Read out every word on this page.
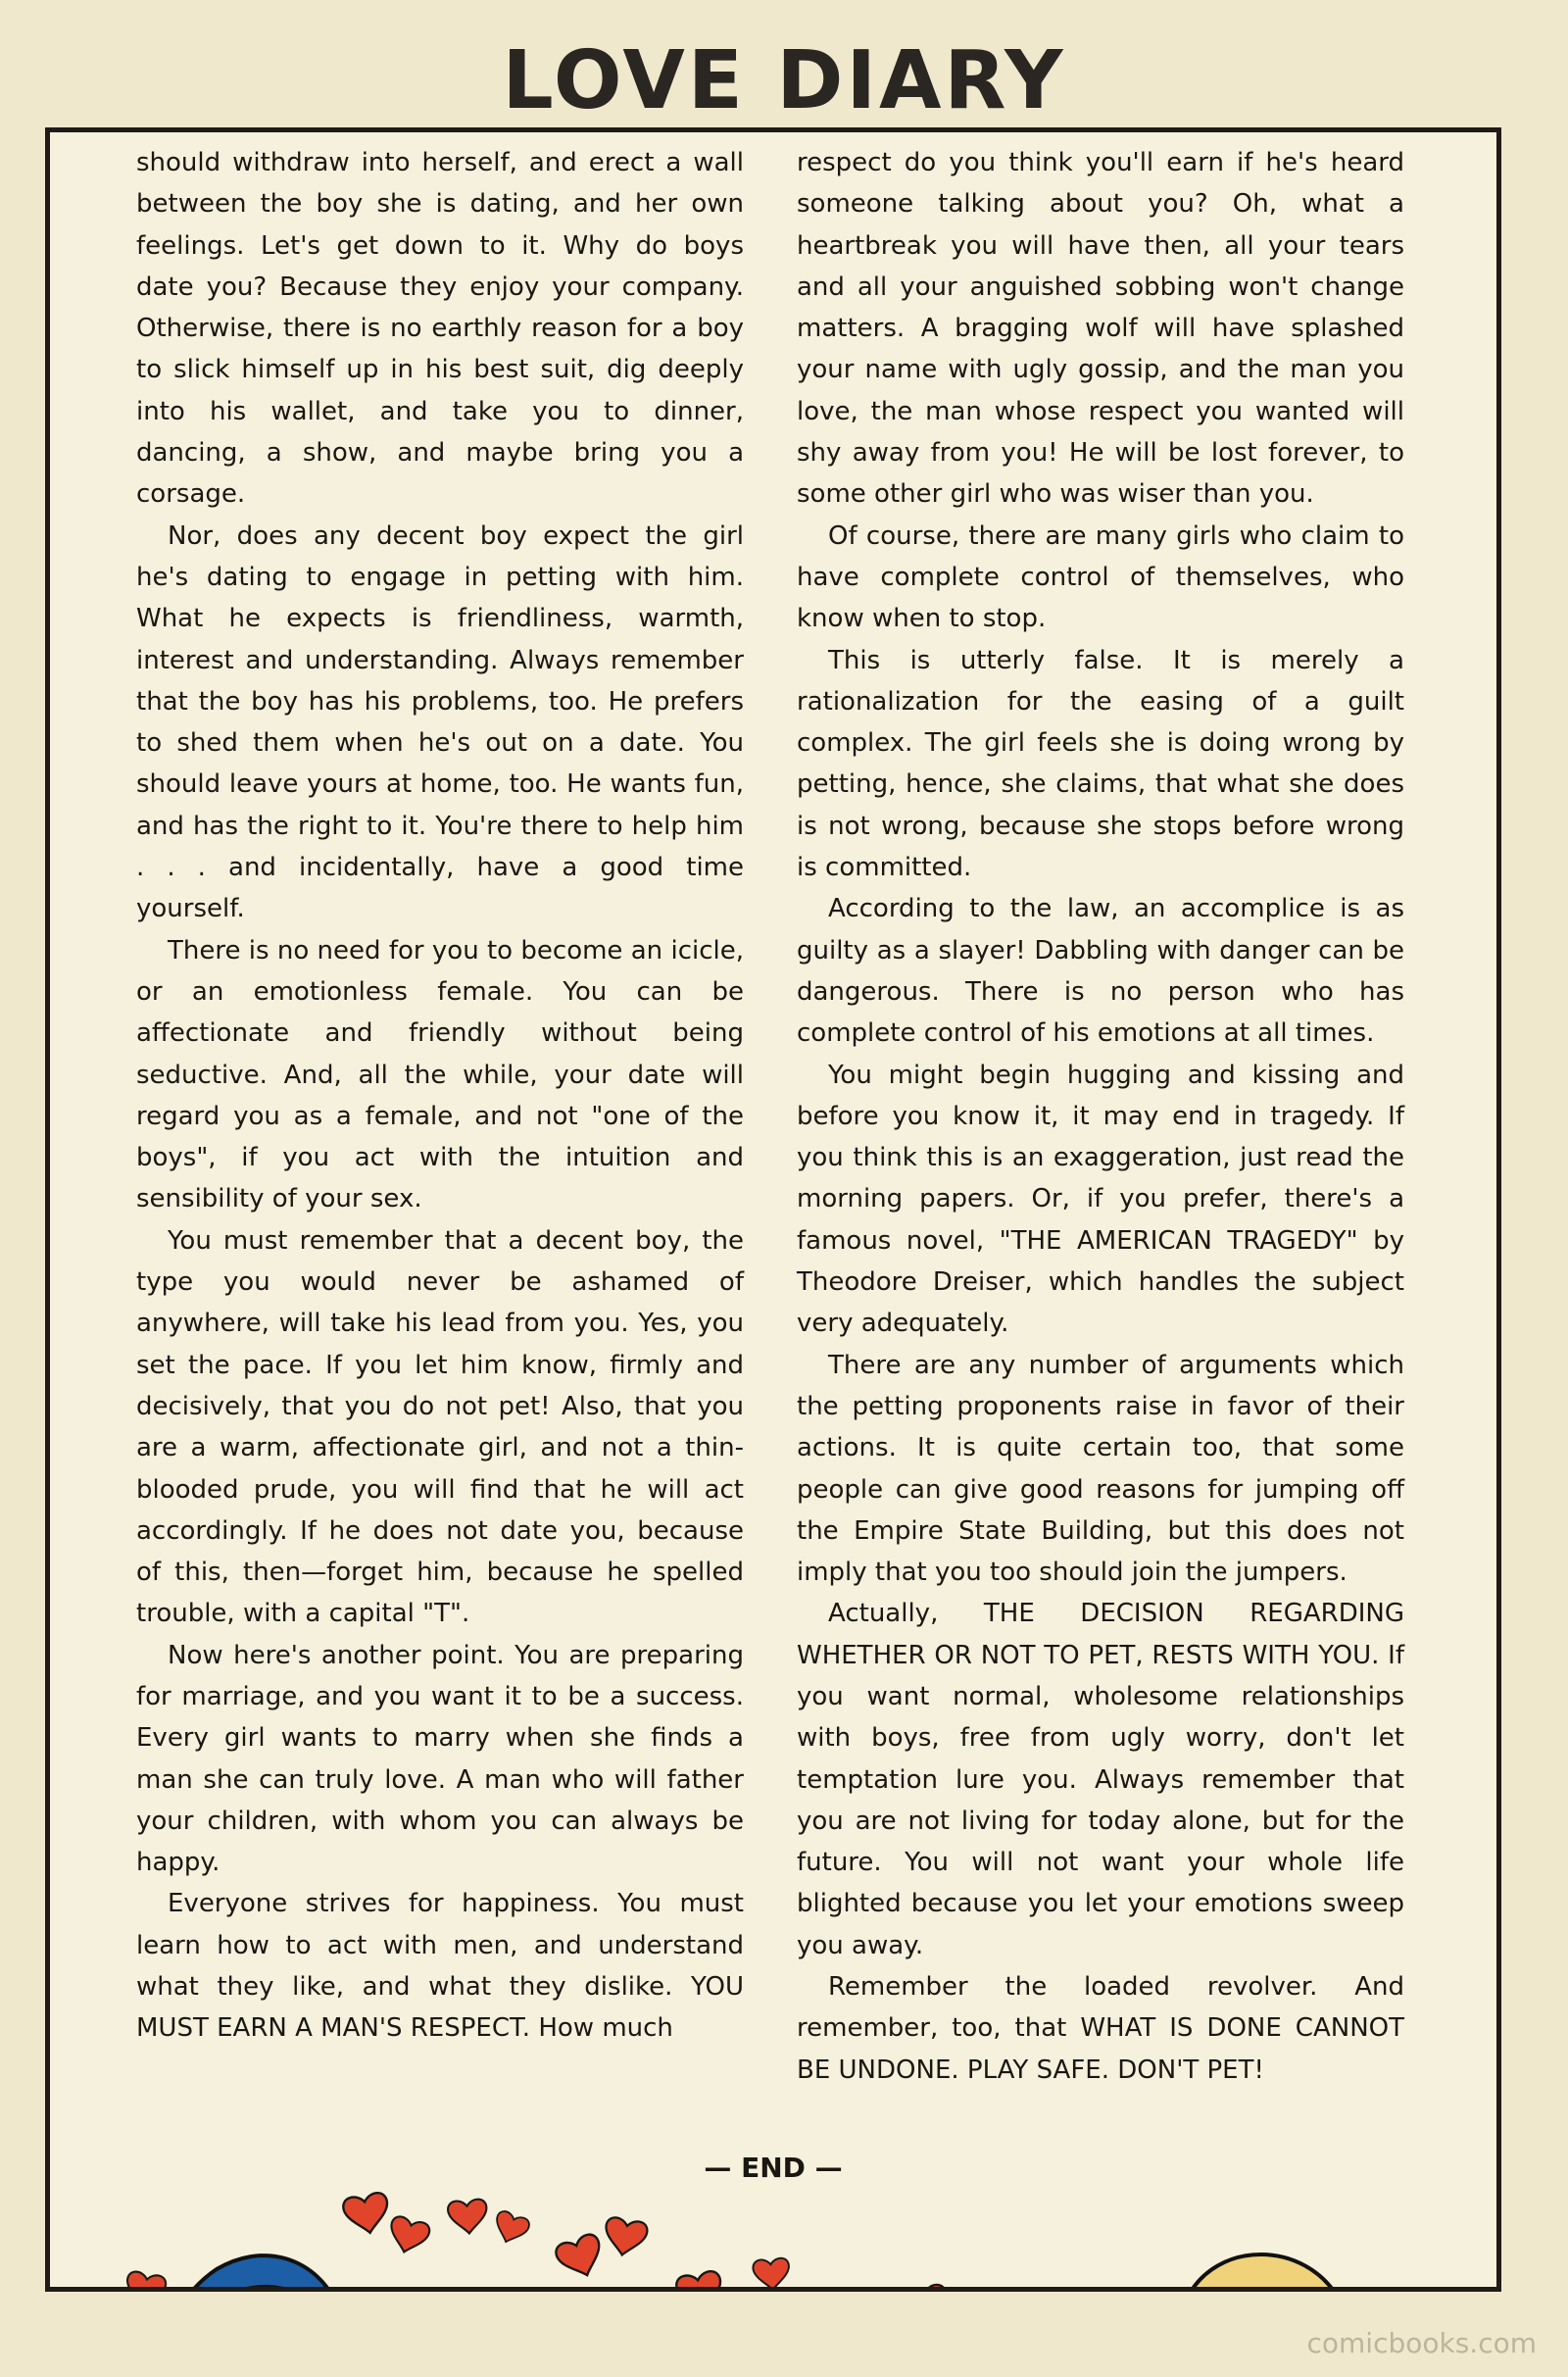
LOVE DIARY

should withdraw into herself, and erect a wall between the boy she is dating, and her own feelings. Let's get down to it. Why do boys date you? Because they enjoy your company. Otherwise, there is no earthly reason for a boy to slick himself up in his best suit, dig deeply into his wallet, and take you to dinner, dancing, a show, and maybe bring you a corsage.

Nor, does any decent boy expect the girl he's dating to engage in petting with him. What he expects is friendliness, warmth, interest and understanding. Always remember that the boy has his problems, too. He prefers to shed them when he's out on a date. You should leave yours at home, too. He wants fun, and has the right to it. You're there to help him . . . and incidentally, have a good time yourself.

There is no need for you to become an icicle, or an emotionless female. You can be affectionate and friendly without being seductive. And, all the while, your date will regard you as a female, and not "one of the boys", if you act with the intuition and sensibility of your sex.

You must remember that a decent boy, the type you would never be ashamed of anywhere, will take his lead from you. Yes, you set the pace. If you let him know, firmly and decisively, that you do not pet! Also, that you are a warm, affectionate girl, and not a thin-blooded prude, you will find that he will act accordingly. If he does not date you, because of this, then—forget him, because he spelled trouble, with a capital "T".

Now here's another point. You are preparing for marriage, and you want it to be a success. Every girl wants to marry when she finds a man she can truly love. A man who will father your children, with whom you can always be happy.

Everyone strives for happiness. You must learn how to act with men, and understand what they like, and what they dislike. YOU MUST EARN A MAN'S RESPECT. How much

respect do you think you'll earn if he's heard someone talking about you? Oh, what a heartbreak you will have then, all your tears and all your anguished sobbing won't change matters. A bragging wolf will have splashed your name with ugly gossip, and the man you love, the man whose respect you wanted will shy away from you! He will be lost forever, to some other girl who was wiser than you.

Of course, there are many girls who claim to have complete control of themselves, who know when to stop.

This is utterly false. It is merely a rationalization for the easing of a guilt complex. The girl feels she is doing wrong by petting, hence, she claims, that what she does is not wrong, because she stops before wrong is committed.

According to the law, an accomplice is as guilty as a slayer! Dabbling with danger can be dangerous. There is no person who has complete control of his emotions at all times.

You might begin hugging and kissing and before you know it, it may end in tragedy. If you think this is an exaggeration, just read the morning papers. Or, if you prefer, there's a famous novel, "THE AMERICAN TRAGEDY" by Theodore Dreiser, which handles the subject very adequately.

There are any number of arguments which the petting proponents raise in favor of their actions. It is quite certain too, that some people can give good reasons for jumping off the Empire State Building, but this does not imply that you too should join the jumpers.

Actually, THE DECISION REGARDING WHETHER OR NOT TO PET, RESTS WITH YOU. If you want normal, wholesome relationships with boys, free from ugly worry, don't let temptation lure you. Always remember that you are not living for today alone, but for the future. You will not want your whole life blighted because you let your emotions sweep you away.

Remember the loaded revolver. And remember, too, that WHAT IS DONE CANNOT BE UNDONE. PLAY SAFE. DON'T PET!

— END —
comicbooks.com
